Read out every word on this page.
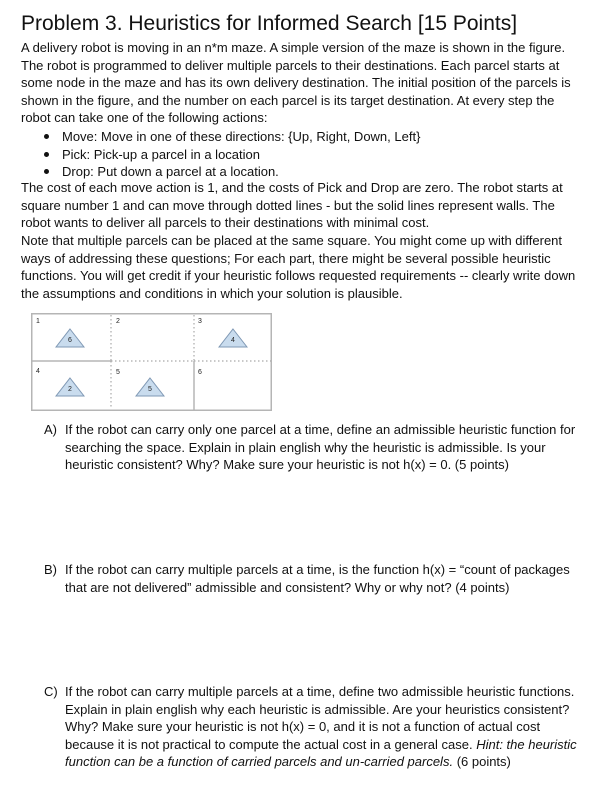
Problem 3. Heuristics for Informed Search [15 Points]

A delivery robot is moving in an n*m maze. A simple version of the maze is shown in the figure. The robot is programmed to deliver multiple parcels to their destinations. Each parcel starts at some node in the maze and has its own delivery destination. The initial position of the parcels is shown in the figure, and the number on each parcel is its target destination. At every step the robot can take one of the following actions:

Move: Move in one of these directions: {Up, Right, Down, Left}
Pick: Pick-up a parcel in a location
Drop: Put down a parcel at a location.

The cost of each move action is 1, and the costs of Pick and Drop are zero. The robot starts at square number 1 and can move through dotted lines - but the solid lines represent walls. The robot wants to deliver all parcels to their destinations with minimal cost.

Note that multiple parcels can be placed at the same square. You might come up with different ways of addressing these questions; For each part, there might be several possible heuristic functions. You will get credit if your heuristic follows requested requirements -- clearly write down the assumptions and conditions in which your solution is plausible.

1	2	3
4	5	6
6	4
2	5
A) If the robot can carry only one parcel at a time, define an admissible heuristic function for searching the space. Explain in plain english why the heuristic is admissible. Is your heuristic consistent? Why? Make sure your heuristic is not h(x) = 0. (5 points)
B) If the robot can carry multiple parcels at a time, is the function h(x) = “count of packages that are not delivered” admissible and consistent? Why or why not? (4 points)
C) If the robot can carry multiple parcels at a time, define two admissible heuristic functions. Explain in plain english why each heuristic is admissible. Are your heuristics consistent? Why? Make sure your heuristic is not h(x) = 0, and it is not a function of actual cost because it is not practical to compute the actual cost in a general case. Hint: the heuristic function can be a function of carried parcels and un-carried parcels. (6 points)
